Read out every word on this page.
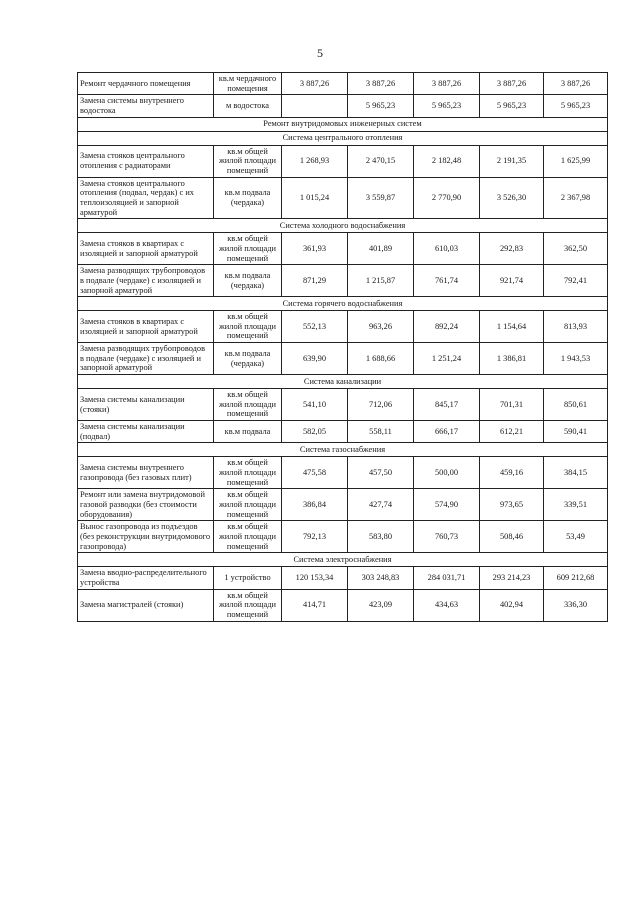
5
Ремонт чердачного помещения	кв.м чердачного помещения	3 887,26	3 887,26	3 887,26	3 887,26	3 887,26
Замена системы внутреннего водостока	м водостока		5 965,23	5 965,23	5 965,23	5 965,23
Ремонт внутридомовых инженерных систем						
Система центрального отопления						
Замена стояков центрального отопления с радиаторами	кв.м общей жилой площади помещений	1 268,93	2 470,15	2 182,48	2 191,35	1 625,99
Замена стояков центрального отопления (подвал, чердак) с их теплоизоляцией и запорной арматурой	кв.м подвала (чердака)	1 015,24	3 559,87	2 770,90	3 526,30	2 367,98
Система холодного водоснабжения						
Замена стояков в квартирах с изоляцией и запорной арматурой	кв.м общей жилой площади помещений	361,93	401,89	610,03	292,83	362,50
Замена разводящих трубопроводов в подвале (чердаке) с изоляцией и запорной арматурой	кв.м подвала (чердака)	871,29	1 215,87	761,74	921,74	792,41
Система горячего водоснабжения						
Замена стояков в квартирах с изоляцией и запорной арматурой	кв.м общей жилой площади помещений	552,13	963,26	892,24	1 154,64	813,93
Замена разводящих трубопроводов в подвале (чердаке) с изоляцией и запорной арматурой	кв.м подвала (чердака)	639,90	1 688,66	1 251,24	1 386,81	1 943,53
Система канализации						
Замена системы канализации (стояки)	кв.м общей жилой площади помещений	541,10	712,06	845,17	701,31	850,61
Замена системы канализации (подвал)	кв.м подвала	582,05	558,11	666,17	612,21	590,41
Система газоснабжения						
Замена системы внутреннего газопровода (без газовых плит)	кв.м общей жилой площади помещений	475,58	457,50	500,00	459,16	384,15
Ремонт или замена внутридомовой газовой разводки (без стоимости оборудования)	кв.м общей жилой площади помещений	386,84	427,74	574,90	973,65	339,51
Вынос газопровода из подъездов (без реконструкции внутридомового газопровода)	кв.м общей жилой площади помещений	792,13	583,80	760,73	508,46	53,49
Система электроснабжения						
Замена вводно-распределительного устройства	1 устройство	120 153,34	303 248,83	284 031,71	293 214,23	609 212,68
Замена магистралей (стояки)	кв.м общей жилой площади помещений	414,71	423,09	434,63	402,94	336,30
